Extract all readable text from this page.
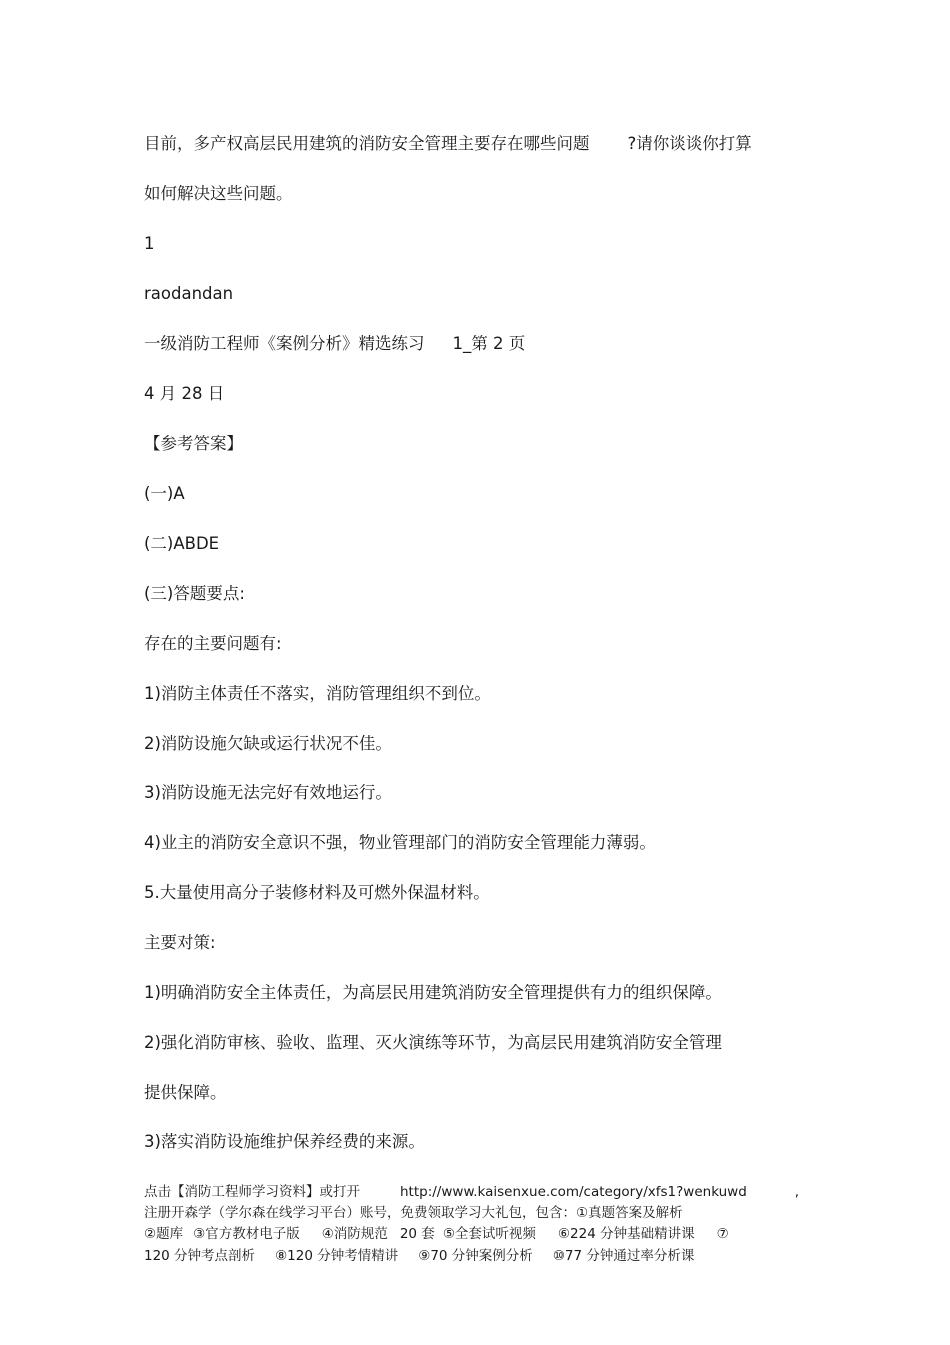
目前，多产权高层民用建筑的消防安全管理主要存在哪些问题 ?请你谈谈你打算
如何解决这些问题。
1
raodandan
一级消防工程师《案例分析》精选练习 1_第 2 页
4 月 28 日
【参考答案】
(一)A
(二)ABDE
(三)答题要点:
存在的主要问题有:
1)消防主体责任不落实，消防管理组织不到位。
2)消防设施欠缺或运行状况不佳。
3)消防设施无法完好有效地运行。
4)业主的消防安全意识不强，物业管理部门的消防安全管理能力薄弱。
5.大量使用高分子装修材料及可燃外保温材料。
主要对策:
1)明确消防安全主体责任，为高层民用建筑消防安全管理提供有力的组织保障。
2)强化消防审核、验收、监理、灭火演练等环节，为高层民用建筑消防安全管理
提供保障。
3)落实消防设施维护保养经费的来源。
点击【消防工程师学习资料】或打开	http://www.kaisenxue.com/category/xfs1?wenkuwd	,
注册开森学（学尔森在线学习平台）账号，免费领取学习大礼包，包含：①真题答案及解析
②题库 ③官方教材电子版 ④消防规范 20 套 ⑤全套试听视频 ⑥224 分钟基础精讲课 ⑦
120 分钟考点剖析 ⑧120 分钟考情精讲 ⑨70 分钟案例分析 ⑩77 分钟通过率分析课
